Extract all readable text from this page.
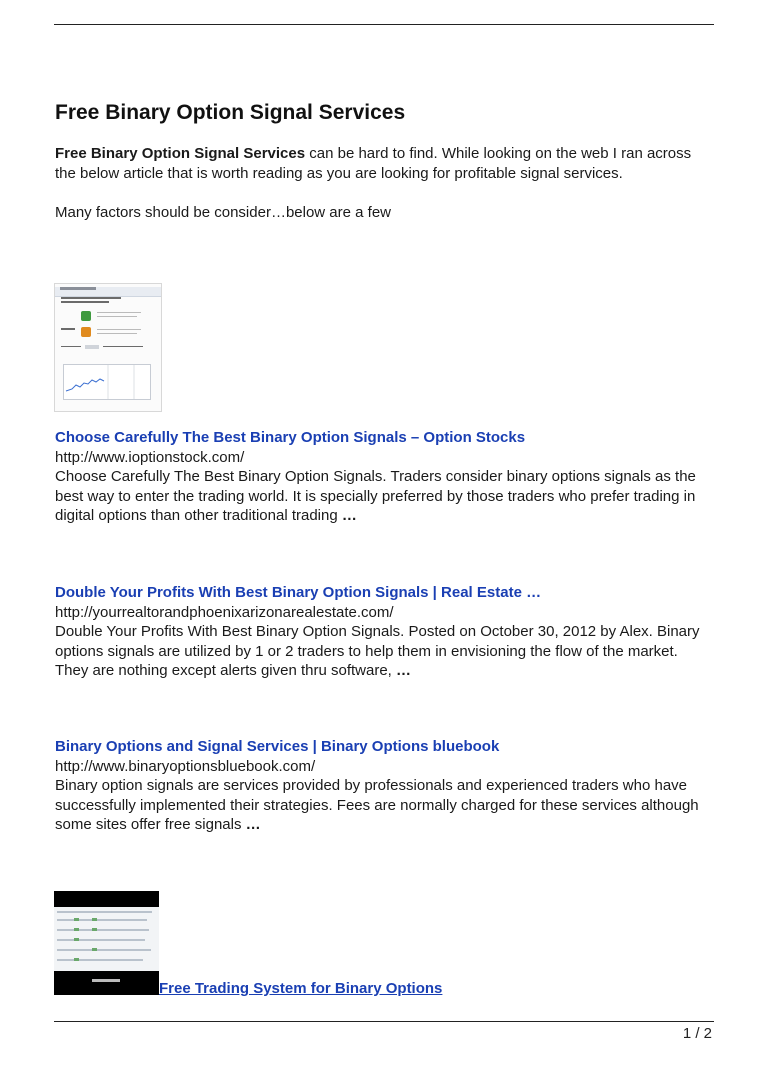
Free Binary Option Signal Services

Free Binary Option Signal Services can be hard to find. While looking on the web I ran across the below article that is worth reading as you are looking for profitable signal services.

Many factors should be consider…below are a few

Choose Carefully The Best Binary Option Signals – Option Stocks
http://www.ioptionstock.com/
Choose Carefully The Best Binary Option Signals. Traders consider binary options signals as the best way to enter the trading world. It is specially preferred by those traders who prefer trading in digital options than other traditional trading …
Double Your Profits With Best Binary Option Signals | Real Estate …
http://yourrealtorandphoenixarizonarealestate.com/
Double Your Profits With Best Binary Option Signals. Posted on October 30, 2012 by Alex. Binary options signals are utilized by 1 or 2 traders to help them in envisioning the flow of the market. They are nothing except alerts given thru software, …
Binary Options and Signal Services | Binary Options bluebook
http://www.binaryoptionsbluebook.com/
Binary option signals are services provided by professionals and experienced traders who have successfully implemented their strategies. Fees are normally charged for these services although some sites offer free signals …
Free Trading System for Binary Options
1 / 2
